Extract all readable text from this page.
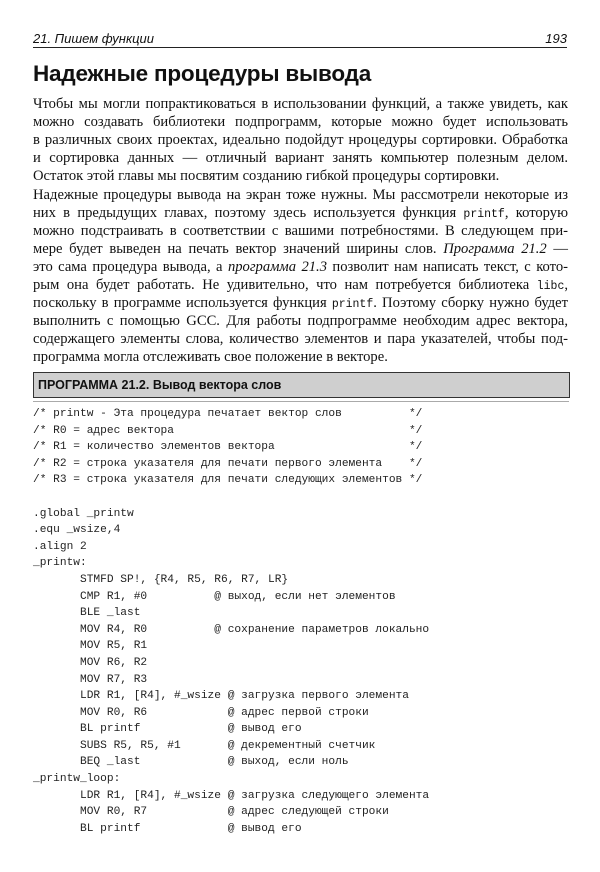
21. Пишем функции	193
Надежные процедуры вывода
Чтобы мы могли попрактиковаться в использовании функций, а также увидеть, как
можно создавать библиотеки подпрограмм, которые можно будет использовать
в различных своих проектах, идеально подойдут нроцедуры сортировки. Обработка
и сортировка данных — отличный вариант занять компьютер полезным делом.
Остаток этой главы мы посвятим созданию гибкой процедуры сортировки.
Надежные процедуры вывода на экран тоже нужны. Мы рассмотрели некоторые из
них в предыдущих главах, поэтому здесь используется функция printf, которую
можно подстраивать в соответствии с вашими потребностями. В следующем при-
мере будет выведен на печать вектор значений ширины слов. Программа 21.2 —
это сама процедура вывода, а программа 21.3 позволит нам написать текст, с кото-
рым она будет работать. Не удивительно, что нам потребуется библиотека libc,
поскольку в программе используется функция printf. Поэтому сборку нужно будет
выполнить с помощью GCC. Для работы подпрограмме необходим адрес вектора,
содержащего элементы слова, количество элементов и пара указателей, чтобы под-
программа могла отслеживать свое положение в векторе.
ПРОГРАММА 21.2. Вывод вектора слов
/* printw - Эта процедура печатает вектор слов          */
/* R0 = адрес вектора                                   */
/* R1 = количество элементов вектора                    */
/* R2 = строка указателя для печати первого элемента    */
/* R3 = строка указателя для печати следующих элементов */
.global _printw
.equ _wsize,4
.align 2
_printw:
STMFD SP!, {R4, R5, R6, R7, LR}
CMP R1, #0          @ выход, если нет элементов
BLE _last
MOV R4, R0          @ сохранение параметров локально
MOV R5, R1
MOV R6, R2
MOV R7, R3
LDR R1, [R4], #_wsize @ загрузка первого элемента
MOV R0, R6            @ адрес первой строки
BL printf             @ вывод его
SUBS R5, R5, #1       @ декрементный счетчик
BEQ _last             @ выход, если ноль
_printw_loop:
LDR R1, [R4], #_wsize @ загрузка следующего элемента
MOV R0, R7            @ адрес следующей строки
BL printf             @ вывод его
